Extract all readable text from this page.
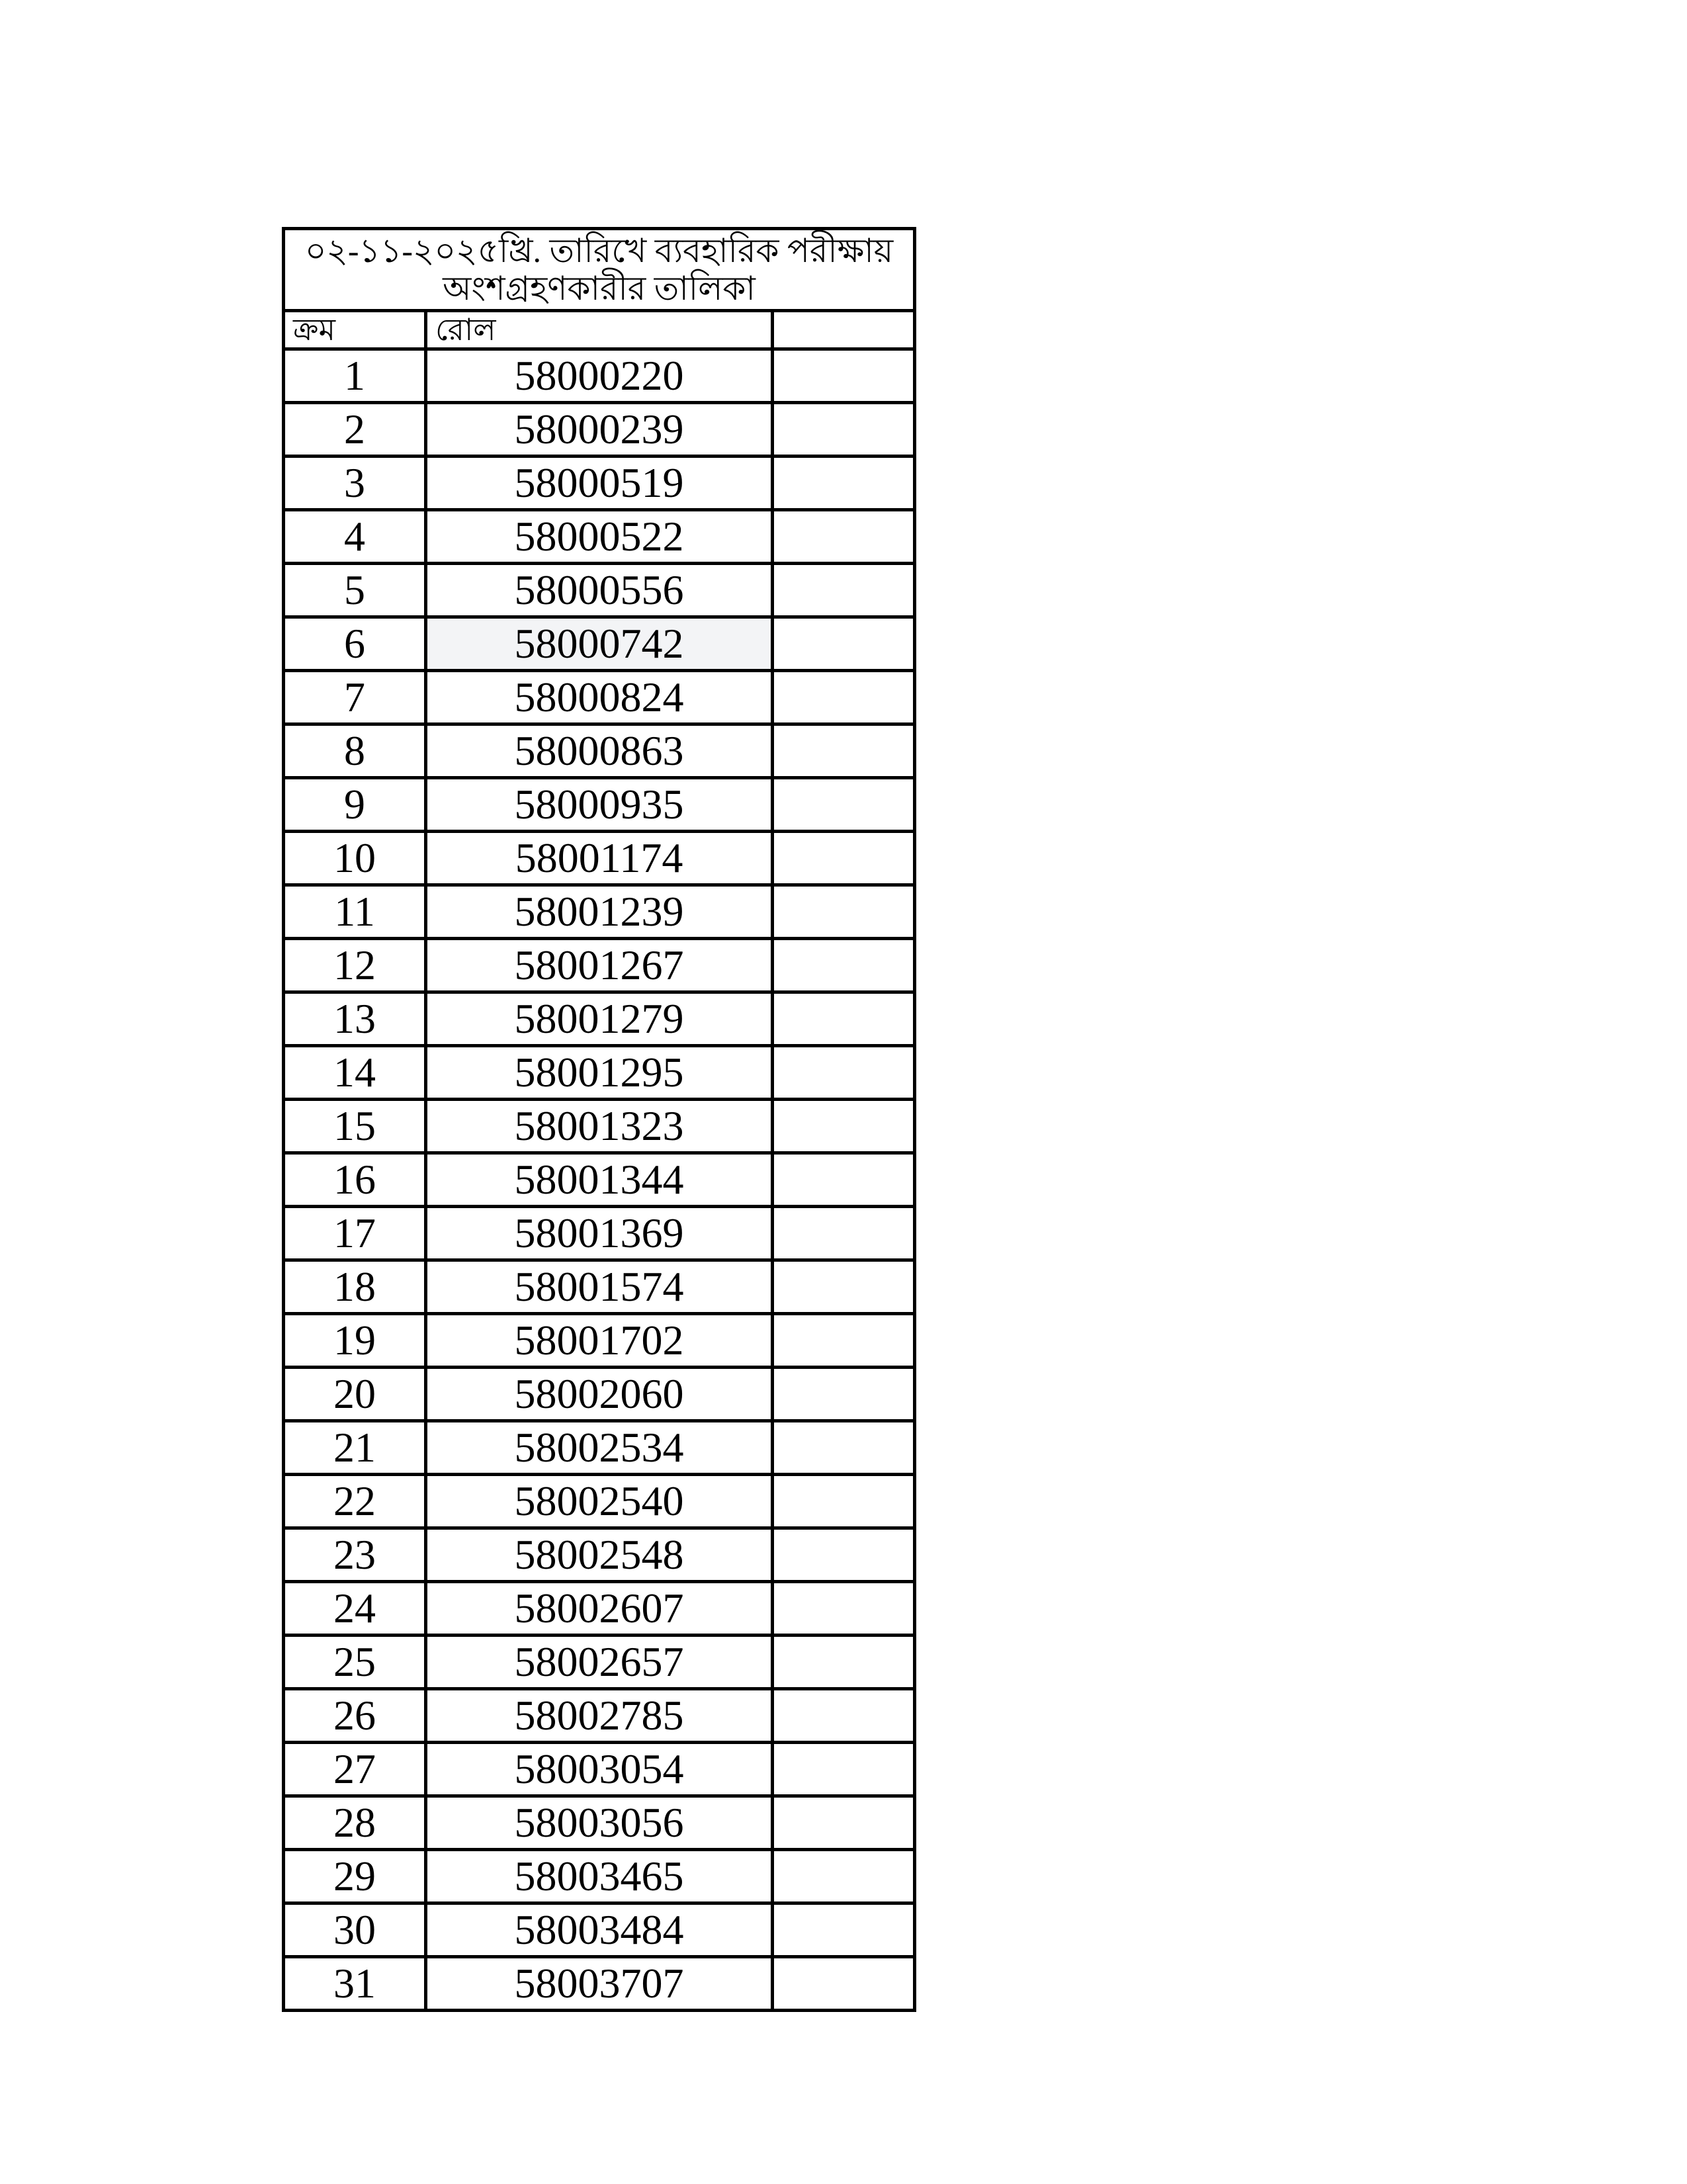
০২-১১-২০২৫খ্রি. তারিখে ব্যবহারিক পরীক্ষায়
অংশগ্রহণকারীর তালিকা		

ক্রম	রোল	
1	58000220	
2	58000239	
3	58000519	
4	58000522	
5	58000556	
6	58000742	
7	58000824	
8	58000863	
9	58000935	
10	58001174	
11	58001239	
12	58001267	
13	58001279	
14	58001295	
15	58001323	
16	58001344	
17	58001369	
18	58001574	
19	58001702	
20	58002060	
21	58002534	
22	58002540	
23	58002548	
24	58002607	
25	58002657	
26	58002785	
27	58003054	
28	58003056	
29	58003465	
30	58003484	
31	58003707	
